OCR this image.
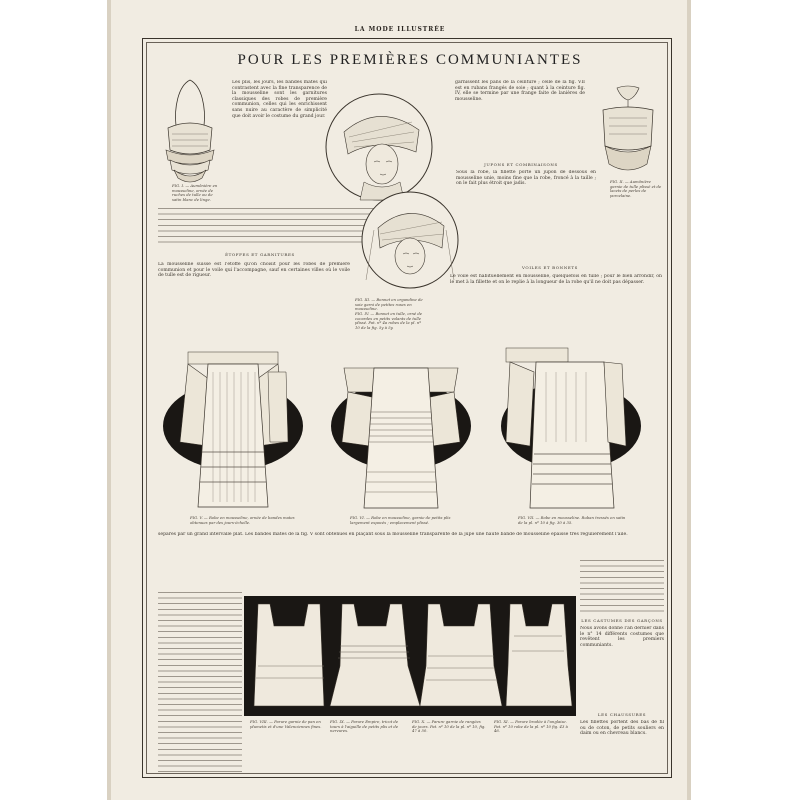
LA MODE ILLUSTRÉE
POUR LES PREMIÈRES COMMUNIANTES
FIG. I. — Aumônière en mousseline, ornée de ruches de tulle ou de satin blanc de linge.
Les plis, les jours, les bandes mates qui contrastent avec la fine transparence de la mousseline sont les garnitures classiques des robes de première communion, celles qui les enrichissent sans nuire au caractère de simplicité que doit avoir le costume du grand jour.
FIG. III. — Bonnet en organdine de soie garni de petites roses en mousseline.
FIG. IV. — Bonnet en tulle, orné de cocardes en petits volants de tulle plissé. Pat. nº 4a robes de la pl. nº 10 de la fig. 5y à 5y.
garnissent les pans de la ceinture ; celle de la fig. VII est en rubans frangés de soie ; quant à la ceinture fig. IV, elle se termine par une frange faite de lanières de mousseline.
FIG. II. — Aumônière garnie de tulle plissé et de lacets de perles de porcelaine.
JUPONS ET COMBINAISONS
Sous la robe, la fillette porte un jupon de dessous en mousseline unie, moins fine que la robe, froncé à la taille ; on le fait plus étroit que jadis.
ÉTOFFES ET GARNITURES
La mousseline suisse est l'étoffe qu'on choisit pour les robes de première communion et pour le voile qui l'accompagne, sauf en certaines villes où le voile de tulle est de rigueur.
VOILES ET BONNETS
Le voile est habituellement en mousseline, quelquefois en tulle ; pour le bien arrondir, on le met à la fillette et on le replie à la longueur de la robe qu'il ne doit pas dépasser.
FIG. V. — Robe en mousseline, ornée de bandes mates obtenues par des jours-échelle.
FIG. VI. — Robe en mousseline, garnie de petits plis largement espacés ; emplacement plissé.
FIG. VII. — Robe en mousseline. Ruban tressés en satin de la pl. nº 10 à fig. 30 à 35.
séparés par un grand intervalle plat. Les bandes mates de la fig. V sont obtenues en plaçant sous la mousseline transparente de la jupe une haute bande de mousseline épaisse très régulièrement l'aile.
LES CASTUMES DES GARÇONS
Nous avons donné l'an dernier dans le n° 14 différents costumes que revêtent les premiers communiants.
LES CHAUSSURES
Les fillettes portent des bas de fil ou de coton, de petits souliers en daim ou en chevreau blancs.
FIG. VIII. — Parure garnie de pan en plumetis et d'une Valenciennes fines.
FIG. IX. — Parure Empire, tricot de tours à l'aiguille de petits plis et de nervures.
FIG. X. — Parure garnie de rangées de jours. Pat. nº 10 de la pl. nº 10, fig. 47 à 50.
FIG. XI. — Parure brodée à l'anglaise. Pat. nº 10 robe de la pl. nº 10 fig. 43 à 46.
